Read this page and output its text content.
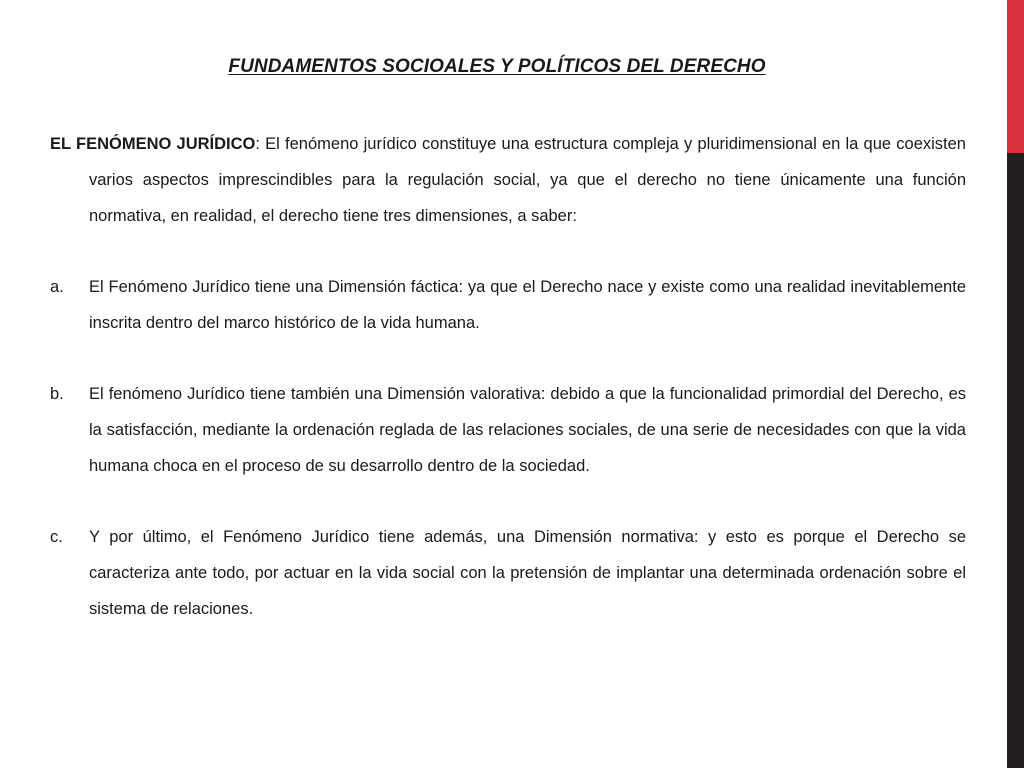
FUNDAMENTOS SOCIOALES Y POLÍTICOS DEL DERECHO

EL FENÓMENO JURÍDICO: El fenómeno jurídico constituye una estructura compleja y pluridimensional en la que coexisten varios aspectos imprescindibles para la regulación social, ya que el derecho no tiene únicamente una función normativa, en realidad, el derecho tiene tres dimensiones, a saber:

a.	El Fenómeno Jurídico tiene una Dimensión fáctica: ya que el Derecho nace y existe como una realidad inevitablemente inscrita dentro del marco histórico de la vida humana.
b.	El fenómeno Jurídico tiene también una Dimensión valorativa: debido a que la funcionalidad primordial del Derecho, es la satisfacción, mediante la ordenación reglada de las relaciones sociales, de una serie de necesidades con que la vida humana choca en el proceso de su desarrollo dentro de la sociedad.
c.	Y por último, el Fenómeno Jurídico tiene además, una Dimensión normativa: y esto es porque el Derecho se caracteriza ante todo, por actuar en la vida social con la pretensión de implantar una determinada ordenación sobre el sistema de relaciones.
